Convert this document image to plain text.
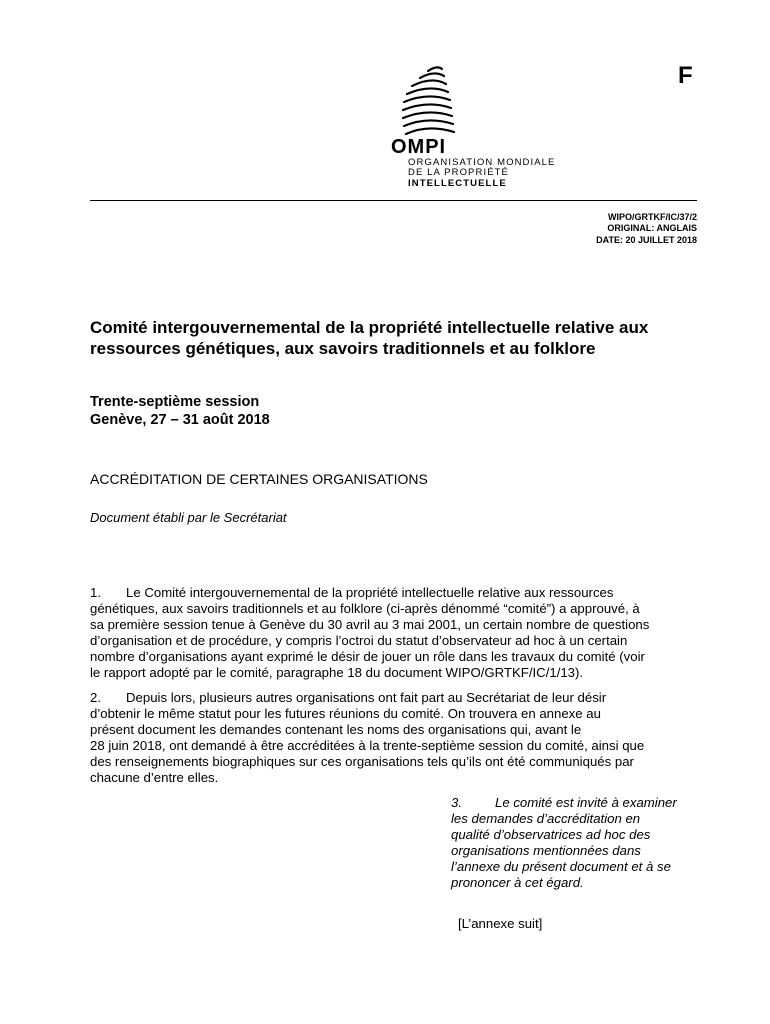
F
OMPI
ORGANISATION MONDIALE
DE LA PROPRIÉTÉ
INTELLECTUELLE
WIPO/GRTKF/IC/37/2
ORIGINAL: ANGLAIS
DATE: 20 JUILLET 2018
Comité intergouvernemental de la propriété intellectuelle relative aux
ressources génétiques, aux savoirs traditionnels et au folklore
Trente-septième session
Genève, 27 – 31 août 2018
ACCRÉDITATION DE CERTAINES ORGANISATIONS
Document établi par le Secrétariat
1. Le Comité intergouvernemental de la propriété intellectuelle relative aux ressources
génétiques, aux savoirs traditionnels et au folklore (ci-après dénommé “comité”) a approuvé, à
sa première session tenue à Genève du 30 avril au 3 mai 2001, un certain nombre de questions
d’organisation et de procédure, y compris l’octroi du statut d’observateur ad hoc à un certain
nombre d’organisations ayant exprimé le désir de jouer un rôle dans les travaux du comité (voir
le rapport adopté par le comité, paragraphe 18 du document WIPO/GRTKF/IC/1/13).
2. Depuis lors, plusieurs autres organisations ont fait part au Secrétariat de leur désir
d’obtenir le même statut pour les futures réunions du comité. On trouvera en annexe au
présent document les demandes contenant les noms des organisations qui, avant le
28 juin 2018, ont demandé à être accréditées à la trente-septième session du comité, ainsi que
des renseignements biographiques sur ces organisations tels qu’ils ont été communiqués par
chacune d’entre elles.
3.	Le comité est invité à examiner
les demandes d’accréditation en
qualité d’observatrices ad hoc des
organisations mentionnées dans
l’annexe du présent document et à se
prononcer à cet égard.
[L’annexe suit]
